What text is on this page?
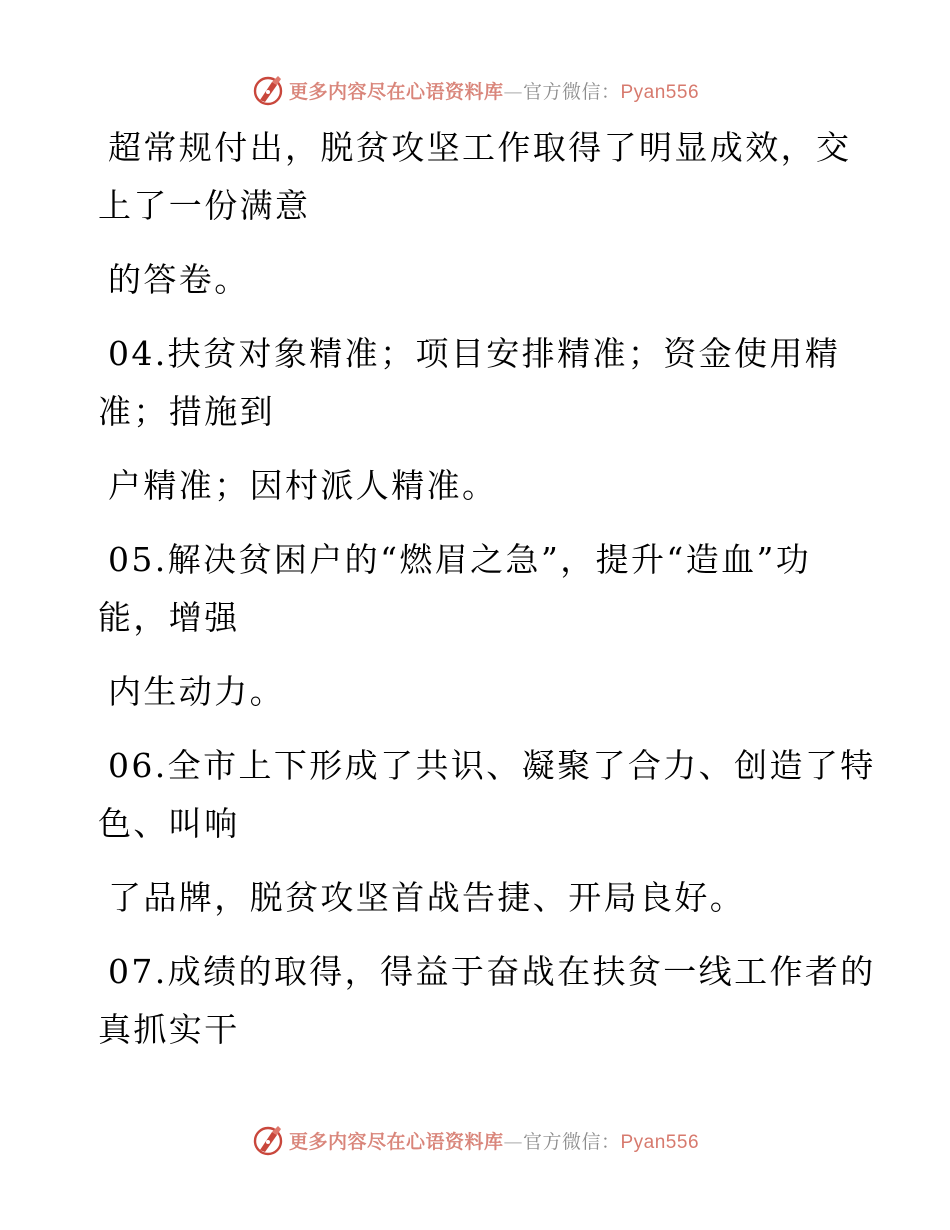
更多内容尽在心语资料库—官方微信：Pyan556
超常规付出，脱贫攻坚工作取得了明显成效，交
上了一份满意
的答卷。
04.扶贫对象精准；项目安排精准；资金使用精
准；措施到
户精准；因村派人精准。
05.解决贫困户的“燃眉之急”，提升“造血”功
能，增强
内生动力。
06.全市上下形成了共识、凝聚了合力、创造了特
色、叫响
了品牌，脱贫攻坚首战告捷、开局良好。
07.成绩的取得，得益于奋战在扶贫一线工作者的
真抓实干
更多内容尽在心语资料库—官方微信：Pyan556
